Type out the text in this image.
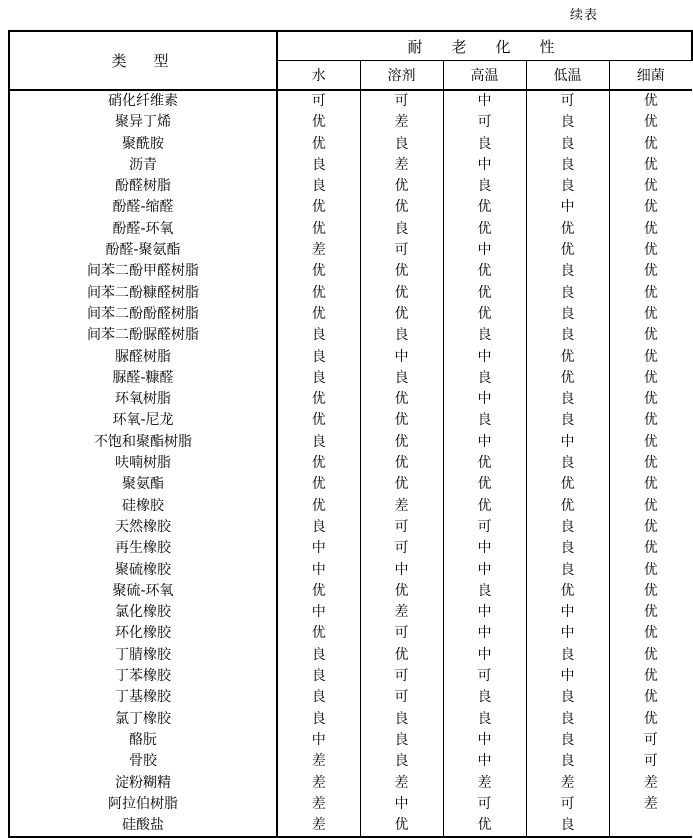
续表
类　型	耐　老　化　性				
	水	溶剂	高温	低温	细菌
硝化纤维素	可	可	中	可	优
聚异丁烯	优	差	可	良	优
聚酰胺	优	良	良	良	优
沥青	良	差	中	良	优
酚醛树脂	良	优	良	良	优
酚醛-缩醛	优	优	优	中	优
酚醛-环氧	优	良	优	优	优
酚醛-聚氨酯	差	可	中	优	优
间苯二酚甲醛树脂	优	优	优	良	优
间苯二酚糠醛树脂	优	优	优	良	优
间苯二酚酚醛树脂	优	优	优	良	优
间苯二酚脲醛树脂	良	良	良	良	优
脲醛树脂	良	中	中	优	优
脲醛-糠醛	良	良	良	优	优
环氧树脂	优	优	中	良	优
环氧-尼龙	优	优	良	良	优
不饱和聚酯树脂	良	优	中	中	优
呋喃树脂	优	优	优	良	优
聚氨酯	优	优	优	优	优
硅橡胶	优	差	优	优	优
天然橡胶	良	可	可	良	优
再生橡胶	中	可	中	良	优
聚硫橡胶	中	中	中	良	优
聚硫-环氧	优	优	良	优	优
氯化橡胶	中	差	中	中	优
环化橡胶	优	可	中	中	优
丁腈橡胶	良	优	中	良	优
丁苯橡胶	良	可	可	中	优
丁基橡胶	良	可	良	良	优
氯丁橡胶	良	良	良	良	优
酪朊	中	良	中	良	可
骨胶	差	良	中	良	可
淀粉糊精	差	差	差	差	差
阿拉伯树脂	差	中	可	可	差
硅酸盐	差	优	优	良	
